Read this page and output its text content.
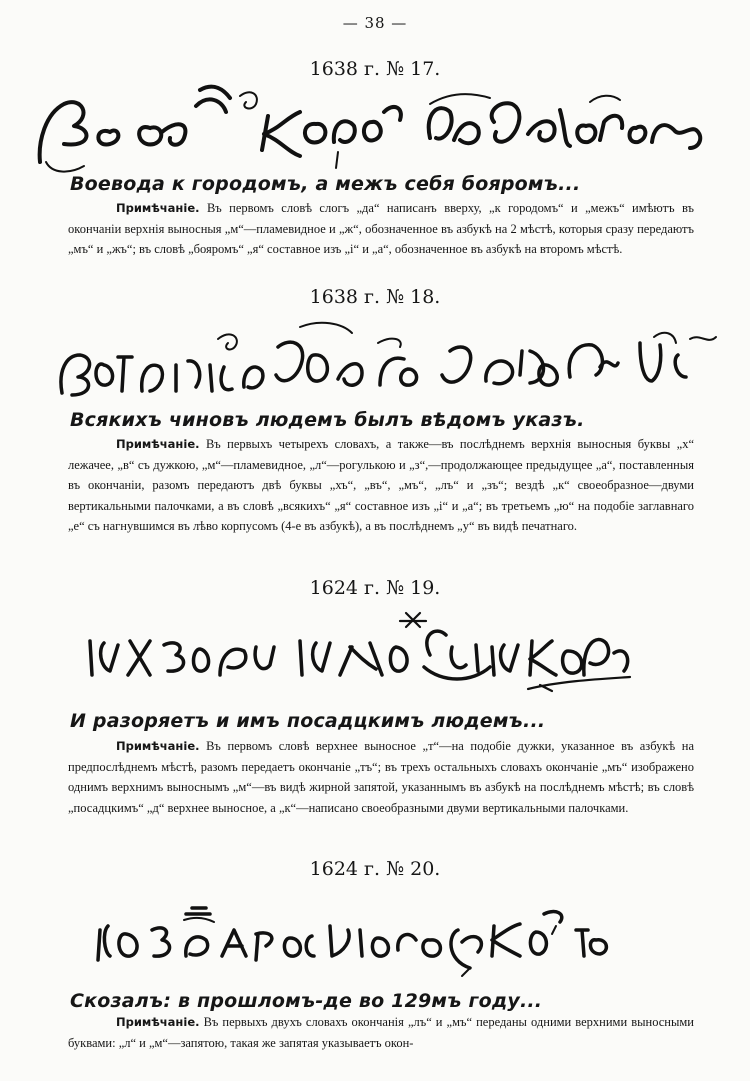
— 38 —
1638 г. № 17.
Воевода к городомъ, а межъ себя бояромъ...
Примѣчаніе. Въ первомъ словѣ слогъ „да“ написанъ вверху, „к городомъ“ и „межъ“ имѣютъ въ окончаніи верхнія выносныя „м“—пламевидное и „ж“, обозначенное въ азбукѣ на 2 мѣстѣ, которыя сразу передаютъ „мъ“ и „жъ“; въ словѣ „бояромъ“ „я“ составное изъ „і“ и „а“, обозначенное въ азбукѣ на второмъ мѣстѣ.
1638 г. № 18.
Всякихъ чиновъ людемъ былъ вѣдомъ указъ.
Примѣчаніе. Въ первыхъ четырехъ словахъ, а также—въ послѣднемъ верхнія выносныя буквы „х“ лежачее, „в“ съ дужкою, „м“—пламевидное, „л“—рогулькою и „з“,—продолжающее предыдущее „а“, поставленныя въ окончаніи, разомъ передаютъ двѣ буквы „хъ“, „въ“, „мъ“, „лъ“ и „зъ“; вездѣ „к“ своеобразное—двуми вертикальными палочками, а въ словѣ „всякихъ“ „я“ составное изъ „і“ и „а“; въ третьемъ „ю“ на подобіе заглавнаго „е“ съ нагнувшимся въ лѣво корпусомъ (4-е въ азбукѣ), а въ послѣднемъ „у“ въ видѣ печатнаго.
1624 г. № 19.
И разоряетъ и имъ посадцкимъ людемъ...
Примѣчаніе. Въ первомъ словѣ верхнее выносное „т“—на подобіе дужки, указанное въ азбукѣ на предпослѣднемъ мѣстѣ, разомъ передаетъ окончаніе „тъ“; въ трехъ остальныхъ словахъ окончаніе „мъ“ изображено однимъ верхнимъ выноснымъ „м“—въ видѣ жирной запятой, указаннымъ въ азбукѣ на послѣднемъ мѣстѣ; въ словѣ „посадцкимъ“ „д“ верхнее выносное, а „к“—написано своеобразными двуми вертикальными палочками.
1624 г. № 20.
Скозалъ: в прошломъ-де во 129мъ году...
Примѣчаніе. Въ первыхъ двухъ словахъ окончанія „лъ“ и „мъ“ переданы одними верхними выносными буквами: „л“ и „м“—запятою, такая же запятая указываетъ окон-
